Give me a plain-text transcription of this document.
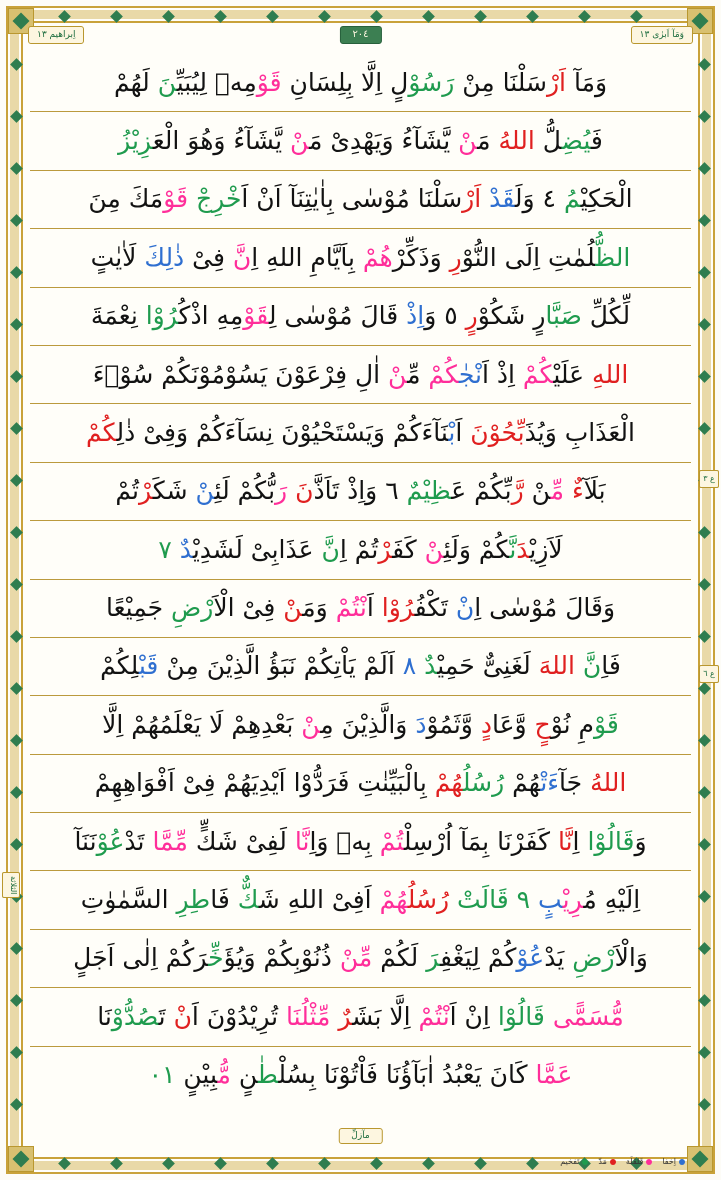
وَمَآ اَبرٰى ١٣
٢٠٤
اِبراهيم ١٣
وَمَآ اَرْسَلْنَا مِنْ رَسُوْلٍ اِلَّا بِلِسَانِ قَوْمِهٖ لِيُبَيِّنَ لَهُمْ
فَيُضِلُّ اللهُ مَنْ يَّشَآءُ وَيَهْدِىْ مَنْ يَّشَآءُ وَهُوَ الْعَزِيْزُ
الْحَكِيْمُ ٤ وَلَقَدْ اَرْسَلْنَا مُوْسٰى بِاٰيٰتِنَآ اَنْ اَخْرِجْ قَوْمَكَ مِنَ
الظُّلُمٰتِ اِلَى النُّوْرِ وَذَكِّرْهُمْ بِاَيَّامِ اللهِ اِنَّ فِىْ ذٰلِكَ لَاٰيٰتٍ
لِّكُلِّ صَبَّارٍ شَكُوْرٍ ٥ وَاِذْ قَالَ مُوْسٰى لِقَوْمِهِ اذْكُرُوْا نِعْمَةَ
اللهِ عَلَيْكُمْ اِذْ اَنْجٰكُمْ مِّنْ اٰلِ فِرْعَوْنَ يَسُوْمُوْنَكُمْ سُوْۤءَ
الْعَذَابِ وَيُذَبِّحُوْنَ اَبْنَآءَكُمْ وَيَسْتَحْيُوْنَ نِسَآءَكُمْ وَفِىْ ذٰلِكُمْ
بَلَآءٌ مِّنْ رَّبِّكُمْ عَظِيْمٌ ٦ وَاِذْ تَاَذَّنَ رَبُّكُمْ لَئِنْ شَكَرْتُمْ
لَاَزِيْدَنَّكُمْ وَلَئِنْ كَفَرْتُمْ اِنَّ عَذَابِىْ لَشَدِيْدٌ ٧
وَقَالَ مُوْسٰى اِنْ تَكْفُرُوْا اَنْتُمْ وَمَنْ فِىْ الْاَرْضِ جَمِيْعًا
فَاِنَّ اللهَ لَغَنِىٌّ حَمِيْدٌ ٨ اَلَمْ يَاْتِكُمْ نَبَؤُ الَّذِيْنَ مِنْ قَبْلِكُمْ
قَوْمِ نُوْحٍ وَّعَادٍ وَّثَمُوْدَ وَالَّذِيْنَ مِنْ بَعْدِهِمْ لَا يَعْلَمُهُمْ اِلَّا
اللهُ جَآءَتْهُمْ رُسُلُهُمْ بِالْبَيِّنٰتِ فَرَدُّوْا اَيْدِيَهُمْ فِىْ اَفْوَاهِهِمْ
وَقَالُوْا اِنَّا كَفَرْنَا بِمَآ اُرْسِلْتُمْ بِهٖ وَاِنَّا لَفِىْ شَكٍّ مِّمَّا تَدْعُوْنَنَآ
اِلَيْهِ مُرِيْبٍ ٩ قَالَتْ رُسُلُهُمْ اَفِىْ اللهِ شَكٌّ فَاطِرِ السَّمٰوٰتِ
وَالْاَرْضِ يَدْعُوْكُمْ لِيَغْفِرَ لَكُمْ مِّنْ ذُنُوْبِكُمْ وَيُؤَخِّرَكُمْ اِلٰى اَجَلٍ
مُّسَمًّى قَالُوْا اِنْ اَنْتُمْ اِلَّا بَشَرٌ مِّثْلُنَا تُرِيْدُوْنَ اَنْ تَصُدُّوْنَا
عَمَّا كَانَ يَعْبُدُ اٰبَآؤُنَا فَاْتُوْنَا بِسُلْطٰنٍ مُّبِيْنٍ ١٠
ع ٣
ع ٦
الثلاثة
مآزلِّ
اِخفا
قَلقَلَة
مَدّ
تَفخيم
